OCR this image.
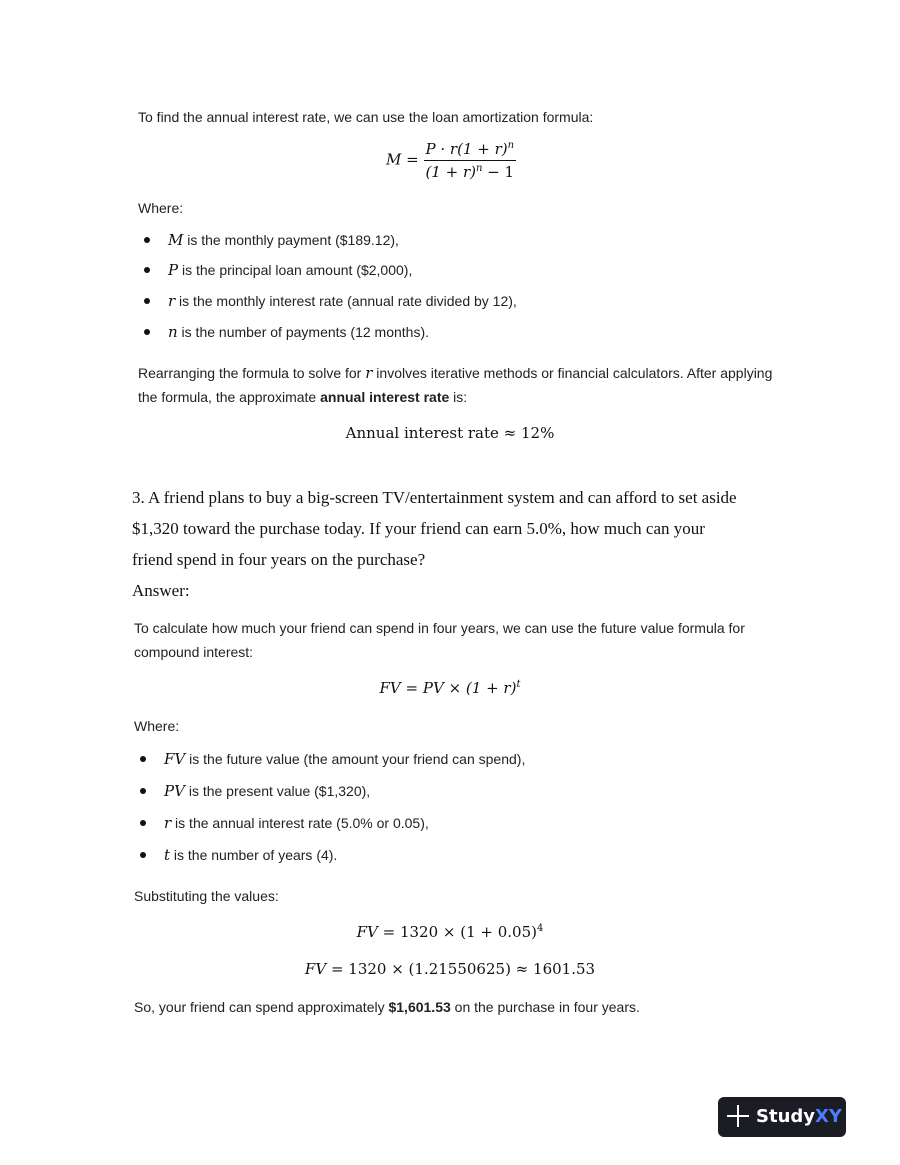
To find the annual interest rate, we can use the loan amortization formula:
$M = \frac{P \cdot r(1 + r)^n}{(1 + r)^n - 1}$
Where:
M is the monthly payment ($189.12),
P is the principal loan amount ($2,000),
r is the monthly interest rate (annual rate divided by 12),
n is the number of payments (12 months).
Rearranging the formula to solve for r involves iterative methods or financial calculators. After applying
the formula, the approximate annual interest rate is:
Annual interest rate ≈ 12%
3. A friend plans to buy a big-screen TV/entertainment system and can afford to set aside
$1,320 toward the purchase today. If your friend can earn 5.0%, how much can your
friend spend in four years on the purchase?
Answer:
To calculate how much your friend can spend in four years, we can use the future value formula for
compound interest:
FV = PV × $(1 + r)^t$
Where:
FV is the future value (the amount your friend can spend),
PV is the present value ($1,320),
r is the annual interest rate (5.0% or 0.05),
t is the number of years (4).
Substituting the values:
FV = $1320 \times (1 + 0.05)^4$
FV = 1320 × (1.21550625) ≈ 1601.53
So, your friend can spend approximately $1,601.53 on the purchase in four years.
StudyXY
